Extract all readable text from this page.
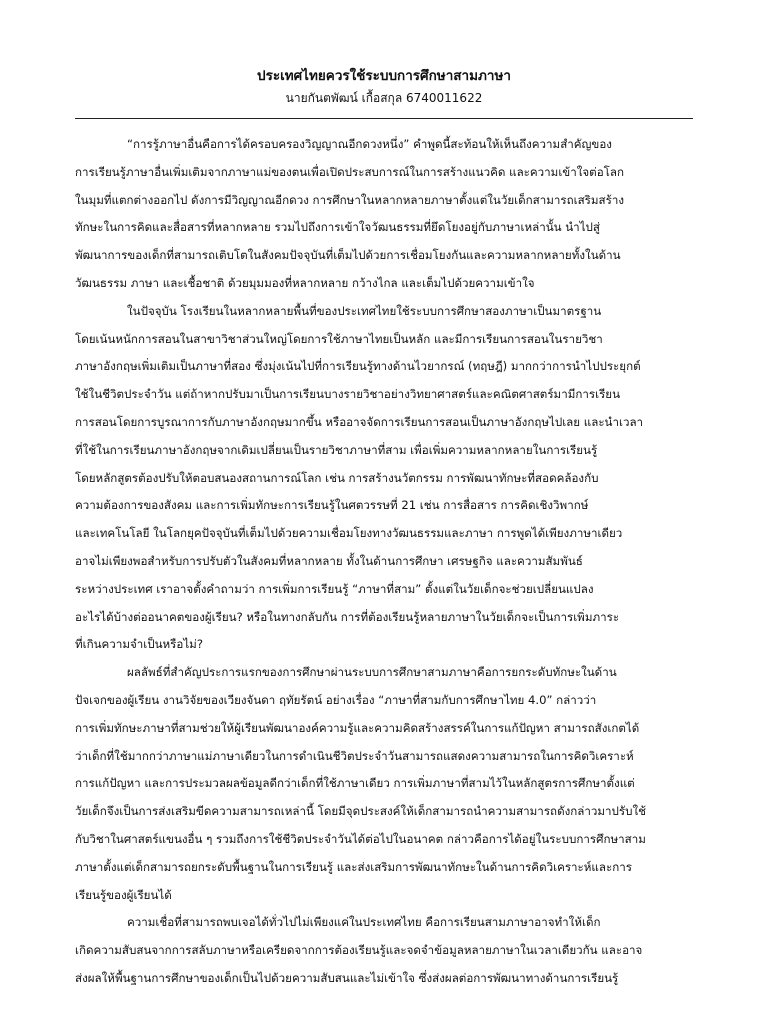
ประเทศไทยควรใช้ระบบการศึกษาสามภาษา
นายกันตพัฒน์ เกื้อสกุล 6740011622
“การรู้ภาษาอื่นคือการได้ครอบครองวิญญาณอีกดวงหนึ่ง” คำพูดนี้สะท้อนให้เห็นถึงความสำคัญของ
การเรียนรู้ภาษาอื่นเพิ่มเติมจากภาษาแม่ของตนเพื่อเปิดประสบการณ์ในการสร้างแนวคิด และความเข้าใจต่อโลก
ในมุมที่แตกต่างออกไป ดังการมีวิญญาณอีกดวง การศึกษาในหลากหลายภาษาตั้งแต่ในวัยเด็กสามารถเสริมสร้าง
ทักษะในการคิดและสื่อสารที่หลากหลาย รวมไปถึงการเข้าใจวัฒนธรรมที่ยึดโยงอยู่กับภาษาเหล่านั้น นำไปสู่
พัฒนาการของเด็กที่สามารถเติบโตในสังคมปัจจุบันที่เต็มไปด้วยการเชื่อมโยงกันและความหลากหลายทั้งในด้าน
วัฒนธรรม ภาษา และเชื้อชาติ ด้วยมุมมองที่หลากหลาย กว้างไกล และเต็มไปด้วยความเข้าใจ
ในปัจจุบัน โรงเรียนในหลากหลายพื้นที่ของประเทศไทยใช้ระบบการศึกษาสองภาษาเป็นมาตรฐาน
โดยเน้นหนักการสอนในสาขาวิชาส่วนใหญ่โดยการใช้ภาษาไทยเป็นหลัก และมีการเรียนการสอนในรายวิชา
ภาษาอังกฤษเพิ่มเติมเป็นภาษาที่สอง ซึ่งมุ่งเน้นไปที่การเรียนรู้ทางด้านไวยากรณ์ (ทฤษฎี) มากกว่าการนำไปประยุกต์
ใช้ในชีวิตประจำวัน แต่ถ้าหากปรับมาเป็นการเรียนบางรายวิชาอย่างวิทยาศาสตร์และคณิตศาสตร์มามีการเรียน
การสอนโดยการบูรณาการกับภาษาอังกฤษมากขึ้น หรืออาจจัดการเรียนการสอนเป็นภาษาอังกฤษไปเลย และนำเวลา
ที่ใช้ในการเรียนภาษาอังกฤษจากเดิมเปลี่ยนเป็นรายวิชาภาษาที่สาม เพื่อเพิ่มความหลากหลายในการเรียนรู้
โดยหลักสูตรต้องปรับให้ตอบสนองสถานการณ์โลก เช่น การสร้างนวัตกรรม การพัฒนาทักษะที่สอดคล้องกับ
ความต้องการของสังคม และการเพิ่มทักษะการเรียนรู้ในศตวรรษที่ 21 เช่น การสื่อสาร การคิดเชิงวิพากษ์
และเทคโนโลยี ในโลกยุคปัจจุบันที่เต็มไปด้วยความเชื่อมโยงทางวัฒนธรรมและภาษา การพูดได้เพียงภาษาเดียว
อาจไม่เพียงพอสำหรับการปรับตัวในสังคมที่หลากหลาย ทั้งในด้านการศึกษา เศรษฐกิจ และความสัมพันธ์
ระหว่างประเทศ เราอาจตั้งคำถามว่า การเพิ่มการเรียนรู้ “ภาษาที่สาม” ตั้งแต่ในวัยเด็กจะช่วยเปลี่ยนแปลง
อะไรได้บ้างต่ออนาคตของผู้เรียน? หรือในทางกลับกัน การที่ต้องเรียนรู้หลายภาษาในวัยเด็กจะเป็นการเพิ่มภาระ
ที่เกินความจำเป็นหรือไม่?
ผลลัพธ์ที่สำคัญประการแรกของการศึกษาผ่านระบบการศึกษาสามภาษาคือการยกระดับทักษะในด้าน
ปัจเจกของผู้เรียน งานวิจัยของเวียงจันดา ฤทัยรัตน์ อย่างเรื่อง “ภาษาที่สามกับการศึกษาไทย 4.0” กล่าวว่า
การเพิ่มทักษะภาษาที่สามช่วยให้ผู้เรียนพัฒนาองค์ความรู้และความคิดสร้างสรรค์ในการแก้ปัญหา สามารถสังเกตได้
ว่าเด็กที่ใช้มากกว่าภาษาแม่ภาษาเดียวในการดำเนินชีวิตประจำวันสามารถแสดงความสามารถในการคิดวิเคราะห์
การแก้ปัญหา และการประมวลผลข้อมูลดีกว่าเด็กที่ใช้ภาษาเดียว การเพิ่มภาษาที่สามไว้ในหลักสูตรการศึกษาตั้งแต่
วัยเด็กจึงเป็นการส่งเสริมขีดความสามารถเหล่านี้ โดยมีจุดประสงค์ให้เด็กสามารถนำความสามารถดังกล่าวมาปรับใช้
กับวิชาในศาสตร์แขนงอื่น ๆ รวมถึงการใช้ชีวิตประจำวันได้ต่อไปในอนาคต กล่าวคือการได้อยู่ในระบบการศึกษาสาม
ภาษาตั้งแต่เด็กสามารถยกระดับพื้นฐานในการเรียนรู้ และส่งเสริมการพัฒนาทักษะในด้านการคิดวิเคราะห์และการ
เรียนรู้ของผู้เรียนได้
ความเชื่อที่สามารถพบเจอได้ทั่วไปไม่เพียงแค่ในประเทศไทย คือการเรียนสามภาษาอาจทำให้เด็ก
เกิดความสับสนจากการสลับภาษาหรือเครียดจากการต้องเรียนรู้และจดจำข้อมูลหลายภาษาในเวลาเดียวกัน และอาจ
ส่งผลให้พื้นฐานการศึกษาของเด็กเป็นไปด้วยความสับสนและไม่เข้าใจ ซึ่งส่งผลต่อการพัฒนาทางด้านการเรียนรู้
